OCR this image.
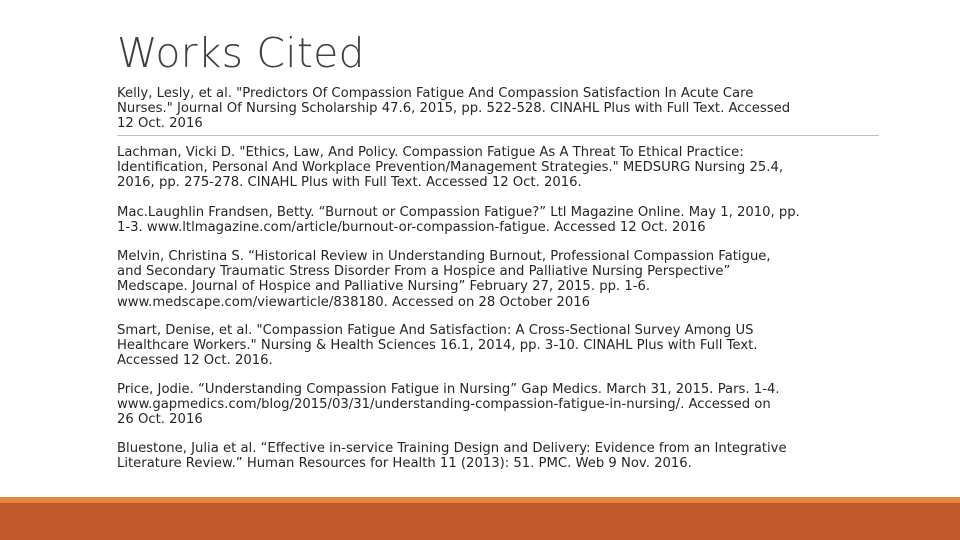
Works Cited

Kelly, Lesly, et al. "Predictors Of Compassion Fatigue And Compassion Satisfaction In Acute Care
Nurses." Journal Of Nursing Scholarship 47.6, 2015, pp. 522-528. CINAHL Plus with Full Text. Accessed
12 Oct. 2016

Lachman, Vicki D. "Ethics, Law, And Policy. Compassion Fatigue As A Threat To Ethical Practice:
Identification, Personal And Workplace Prevention/Management Strategies." MEDSURG Nursing 25.4,
2016, pp. 275-278. CINAHL Plus with Full Text. Accessed 12 Oct. 2016.

Mac.Laughlin Frandsen, Betty. “Burnout or Compassion Fatigue?” Ltl Magazine Online. May 1, 2010, pp.
1-3. www.ltlmagazine.com/article/burnout-or-compassion-fatigue. Accessed 12 Oct. 2016

Melvin, Christina S. “Historical Review in Understanding Burnout, Professional Compassion Fatigue,
and Secondary Traumatic Stress Disorder From a Hospice and Palliative Nursing Perspective”
Medscape. Journal of Hospice and Palliative Nursing” February 27, 2015. pp. 1-6.
www.medscape.com/viewarticle/838180. Accessed on 28 October 2016

Smart, Denise, et al. "Compassion Fatigue And Satisfaction: A Cross-Sectional Survey Among US
Healthcare Workers." Nursing & Health Sciences 16.1, 2014, pp. 3-10. CINAHL Plus with Full Text.
Accessed 12 Oct. 2016.

Price, Jodie. “Understanding Compassion Fatigue in Nursing” Gap Medics. March 31, 2015. Pars. 1-4.
www.gapmedics.com/blog/2015/03/31/understanding-compassion-fatigue-in-nursing/. Accessed on
26 Oct. 2016

Bluestone, Julia et al. “Effective in-service Training Design and Delivery: Evidence from an Integrative
Literature Review.” Human Resources for Health 11 (2013): 51. PMC. Web 9 Nov. 2016.
